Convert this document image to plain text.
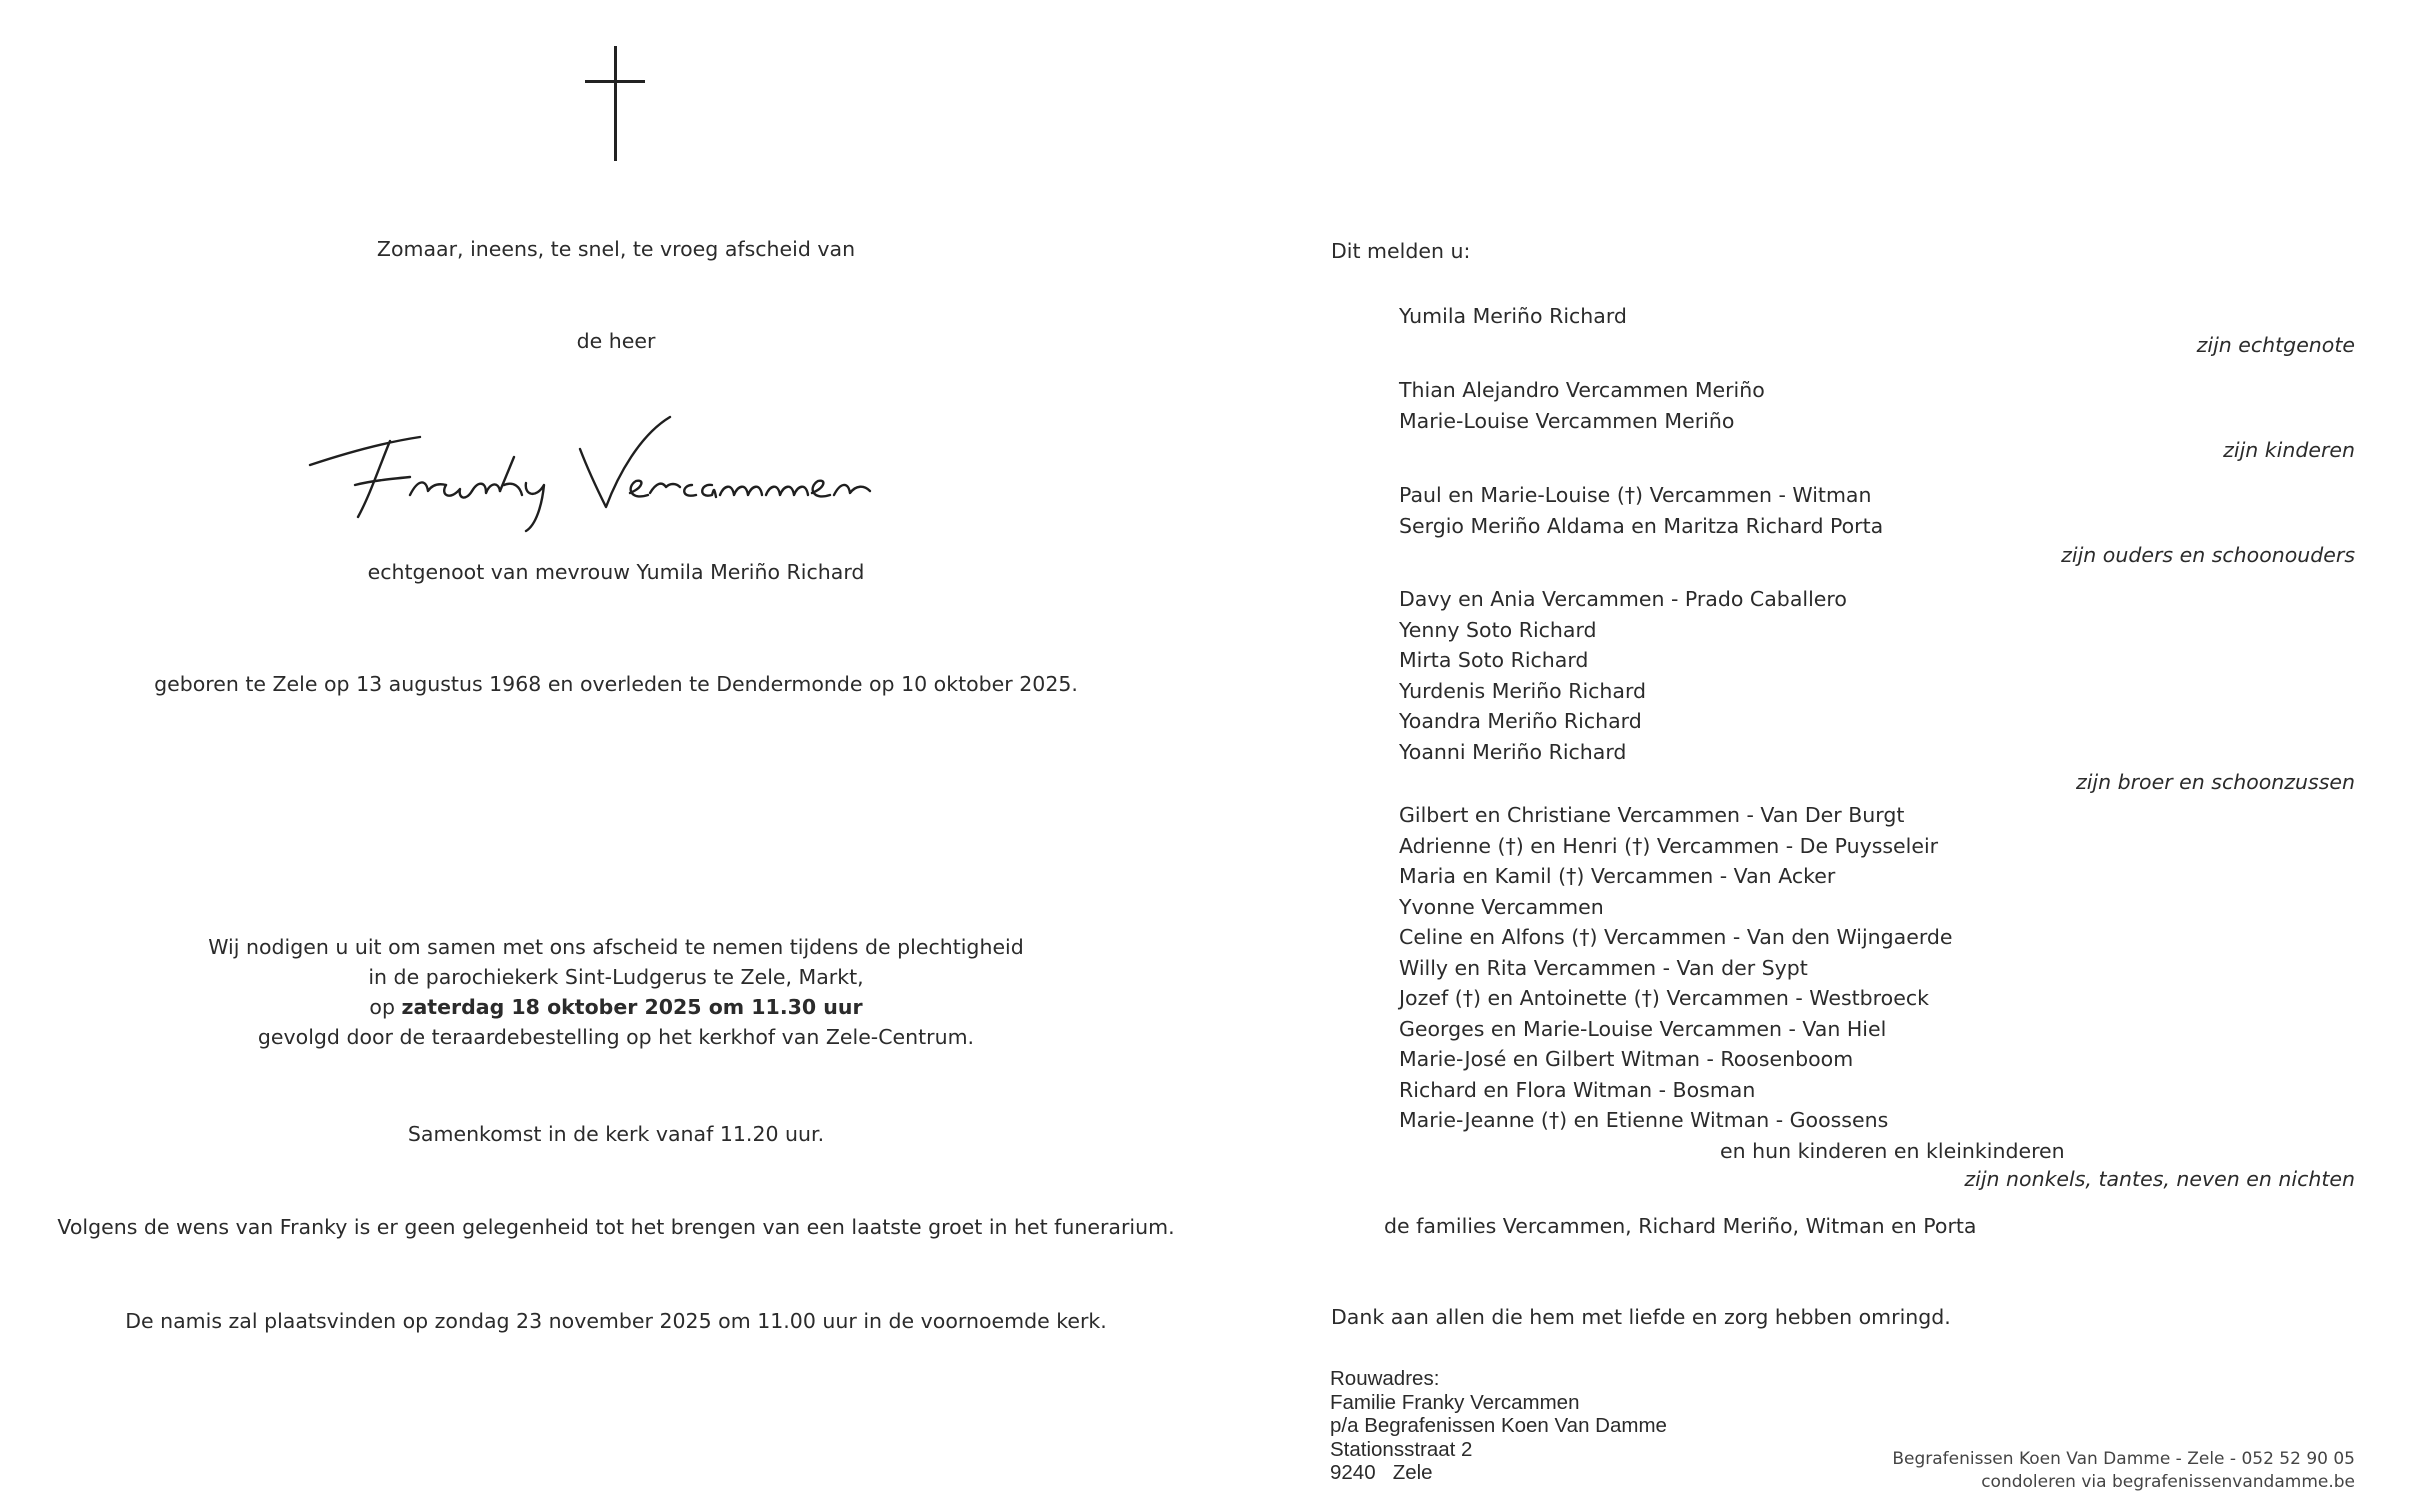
Zomaar, ineens, te snel, te vroeg afscheid van
de heer
echtgenoot van mevrouw Yumila Meriño Richard
geboren te Zele op 13 augustus 1968 en overleden te Dendermonde op 10 oktober 2025.
Wij nodigen u uit om samen met ons afscheid te nemen tijdens de plechtigheid
in de parochiekerk Sint-Ludgerus te Zele, Markt,
op zaterdag 18 oktober 2025 om 11.30 uur
gevolgd door de teraardebestelling op het kerkhof van Zele-Centrum.
Samenkomst in de kerk vanaf 11.20 uur.
Volgens de wens van Franky is er geen gelegenheid tot het brengen van een laatste groet in het funerarium.
De namis zal plaatsvinden op zondag 23 november 2025 om 11.00 uur in de voornoemde kerk.
Dit melden u:
Yumila Meriño Richard
zijn echtgenote
Thian Alejandro Vercammen Meriño
Marie-Louise Vercammen Meriño
zijn kinderen
Paul en Marie-Louise (†) Vercammen - Witman
Sergio Meriño Aldama en Maritza Richard Porta
zijn ouders en schoonouders
Davy en Ania Vercammen - Prado Caballero
Yenny Soto Richard
Mirta Soto Richard
Yurdenis Meriño Richard
Yoandra Meriño Richard
Yoanni Meriño Richard
zijn broer en schoonzussen
Gilbert en Christiane Vercammen - Van Der Burgt
Adrienne (†) en Henri (†) Vercammen - De Puysseleir
Maria en Kamil (†) Vercammen - Van Acker
Yvonne Vercammen
Celine en Alfons (†) Vercammen - Van den Wijngaerde
Willy en Rita Vercammen - Van der Sypt
Jozef (†) en Antoinette (†) Vercammen - Westbroeck
Georges en Marie-Louise Vercammen - Van Hiel
Marie-José en Gilbert Witman - Roosenboom
Richard en Flora Witman - Bosman
Marie-Jeanne (†) en Etienne Witman - Goossens
en hun kinderen en kleinkinderen
zijn nonkels, tantes, neven en nichten
de families Vercammen, Richard Meriño, Witman en Porta
Dank aan allen die hem met liefde en zorg hebben omringd.
Rouwadres:
Familie Franky Vercammen
p/a Begrafenissen Koen Van Damme
Stationsstraat 2
9240   Zele
Begrafenissen Koen Van Damme - Zele - 052 52 90 05
condoleren via begrafenissenvandamme.be
